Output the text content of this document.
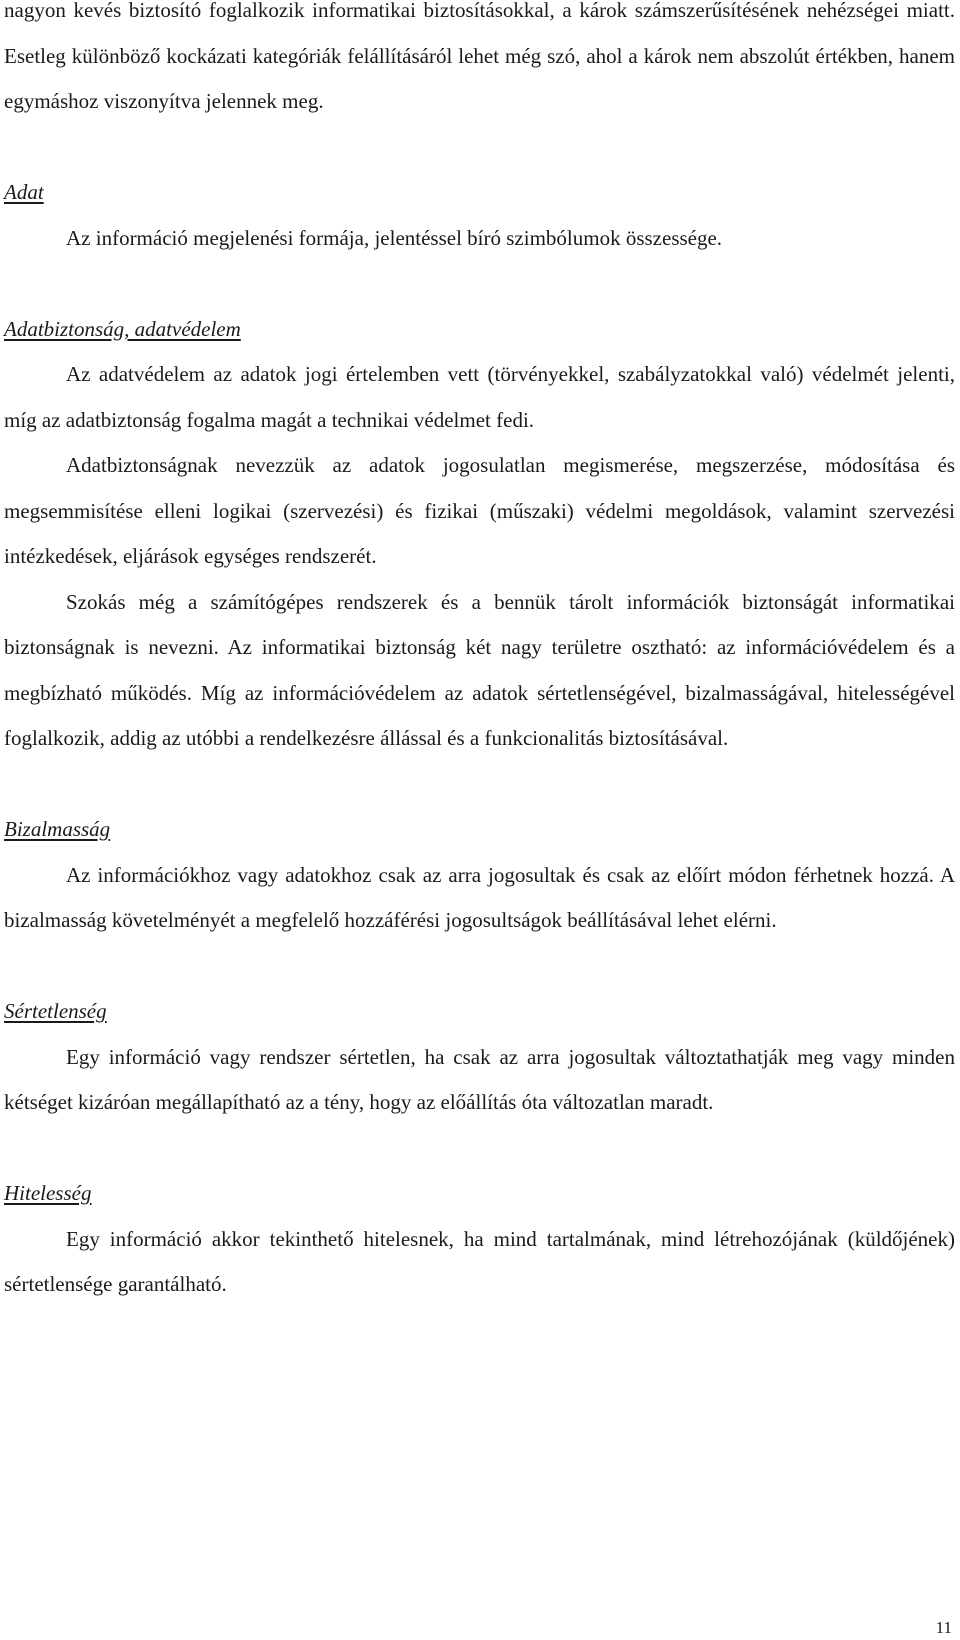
nagyon kevés biztosító foglalkozik informatikai biztosításokkal, a károk számszerűsítésének nehézségei miatt. Esetleg különböző kockázati kategóriák felállításáról lehet még szó, ahol a károk nem abszolút értékben, hanem egymáshoz viszonyítva jelennek meg.

Adat

Az információ megjelenési formája, jelentéssel bíró szimbólumok összessége.

Adatbiztonság, adatvédelem

Az adatvédelem az adatok jogi értelemben vett (törvényekkel, szabályzatokkal való) védelmét jelenti, míg az adatbiztonság fogalma magát a technikai védelmet fedi.

Adatbiztonságnak nevezzük az adatok jogosulatlan megismerése, megszerzése, módosítása és megsemmisítése elleni logikai (szervezési) és fizikai (műszaki) védelmi megoldások, valamint szervezési intézkedések, eljárások egységes rendszerét.

Szokás még a számítógépes rendszerek és a bennük tárolt információk biztonságát informatikai biztonságnak is nevezni. Az informatikai biztonság két nagy területre osztható: az információvédelem és a megbízható működés. Míg az információvédelem az adatok sértetlenségével, bizalmasságával, hitelességével foglalkozik, addig az utóbbi a rendelkezésre állással és a funkcionalitás biztosításával.

Bizalmasság

Az információkhoz vagy adatokhoz csak az arra jogosultak és csak az előírt módon férhetnek hozzá. A bizalmasság követelményét a megfelelő hozzáférési jogosultságok beállításával lehet elérni.

Sértetlenség

Egy információ vagy rendszer sértetlen, ha csak az arra jogosultak változtathatják meg vagy minden kétséget kizáróan megállapítható az a tény, hogy az előállítás óta változatlan maradt.

Hitelesség

Egy információ akkor tekinthető hitelesnek, ha mind tartalmának, mind létrehozójának (küldőjének) sértetlensége garantálható.

11
